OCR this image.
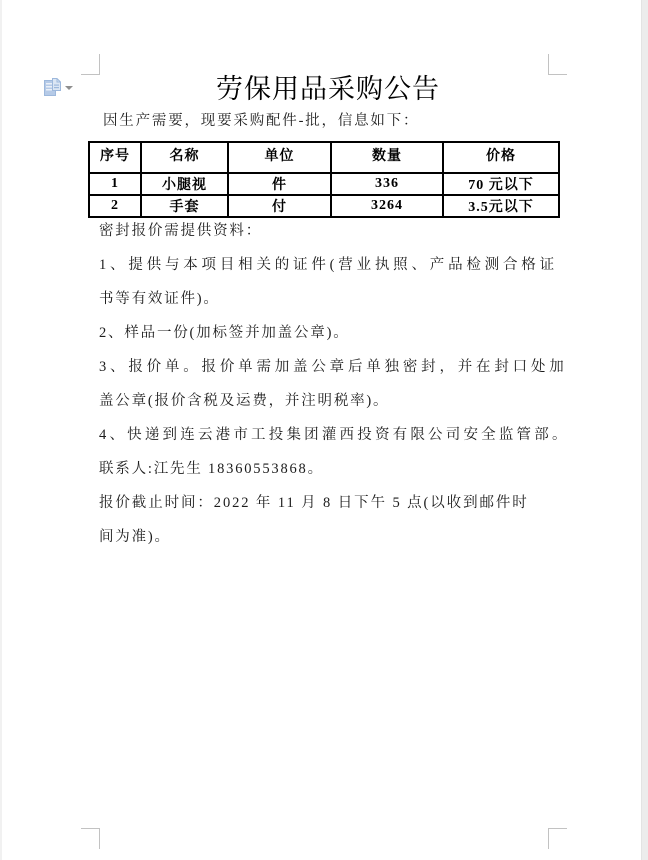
劳保用品采购公告
因生产需要，现要采购配件-批，信息如下：
序号	名称	单位	数量	价格
1	小腿视	件	336	70 元以下
2	手套	付	3264	3.5元以下
密封报价需提供资料：
1、提供与本项目相关的证件(营业执照、产品检测合格证
书等有效证件)。
2、样品一份(加标签并加盖公章)。
3、报价单。报价单需加盖公章后单独密封，并在封口处加
盖公章(报价含税及运费，并注明税率)。
4、快递到连云港市工投集团灌西投资有限公司安全监管部。
联系人:江先生 18360553868。
报价截止时间：2022 年 11 月 8 日下午 5 点(以收到邮件时
间为准)。
